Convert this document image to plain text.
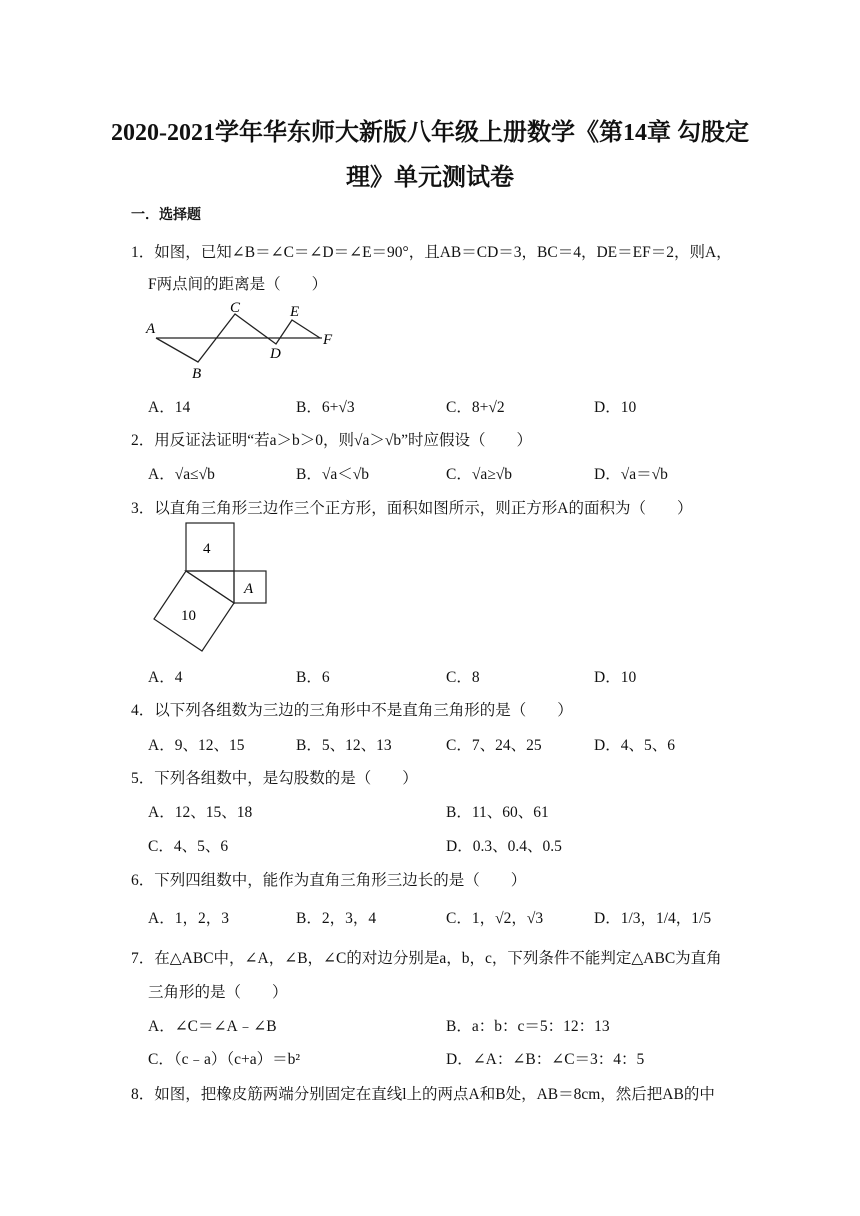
2020-2021学年华东师大新版八年级上册数学《第14章 勾股定
理》单元测试卷
一．选择题
1．如图，已知∠B＝∠C＝∠D＝∠E＝90°，且AB＝CD＝3，BC＝4，DE＝EF＝2，则A，
F两点间的距离是（　　）
A
B
C
D
E
F
A．14	B．6+√3	C．8+√2	D．10
2．用反证法证明“若a＞b＞0，则√a＞√b”时应假设（　　）
A．√a≤√b	B．√a＜√b	C．√a≥√b	D．√a＝√b
3．以直角三角形三边作三个正方形，面积如图所示，则正方形A的面积为（　　）
4
10
A
A．4	B．6	C．8	D．10
4．以下列各组数为三边的三角形中不是直角三角形的是（　　）
A．9、12、15	B．5、12、13	C．7、24、25	D．4、5、6
5．下列各组数中，是勾股数的是（　　）
A．12、15、18	B．11、60、61
C．4、5、6	D．0.3、0.4、0.5
6．下列四组数中，能作为直角三角形三边长的是（　　）
A．1，2，3	B．2，3，4	C．1，√2，√3	D．1/3，1/4，1/5
7．在△ABC中，∠A，∠B，∠C的对边分别是a，b，c，下列条件不能判定△ABC为直角
三角形的是（　　）
A．∠C＝∠A﹣∠B	B．a：b：c＝5：12：13
C．（c﹣a）（c+a）＝b²	D．∠A：∠B：∠C＝3：4：5
8．如图，把橡皮筋两端分别固定在直线l上的两点A和B处，AB＝8cm，然后把AB的中
